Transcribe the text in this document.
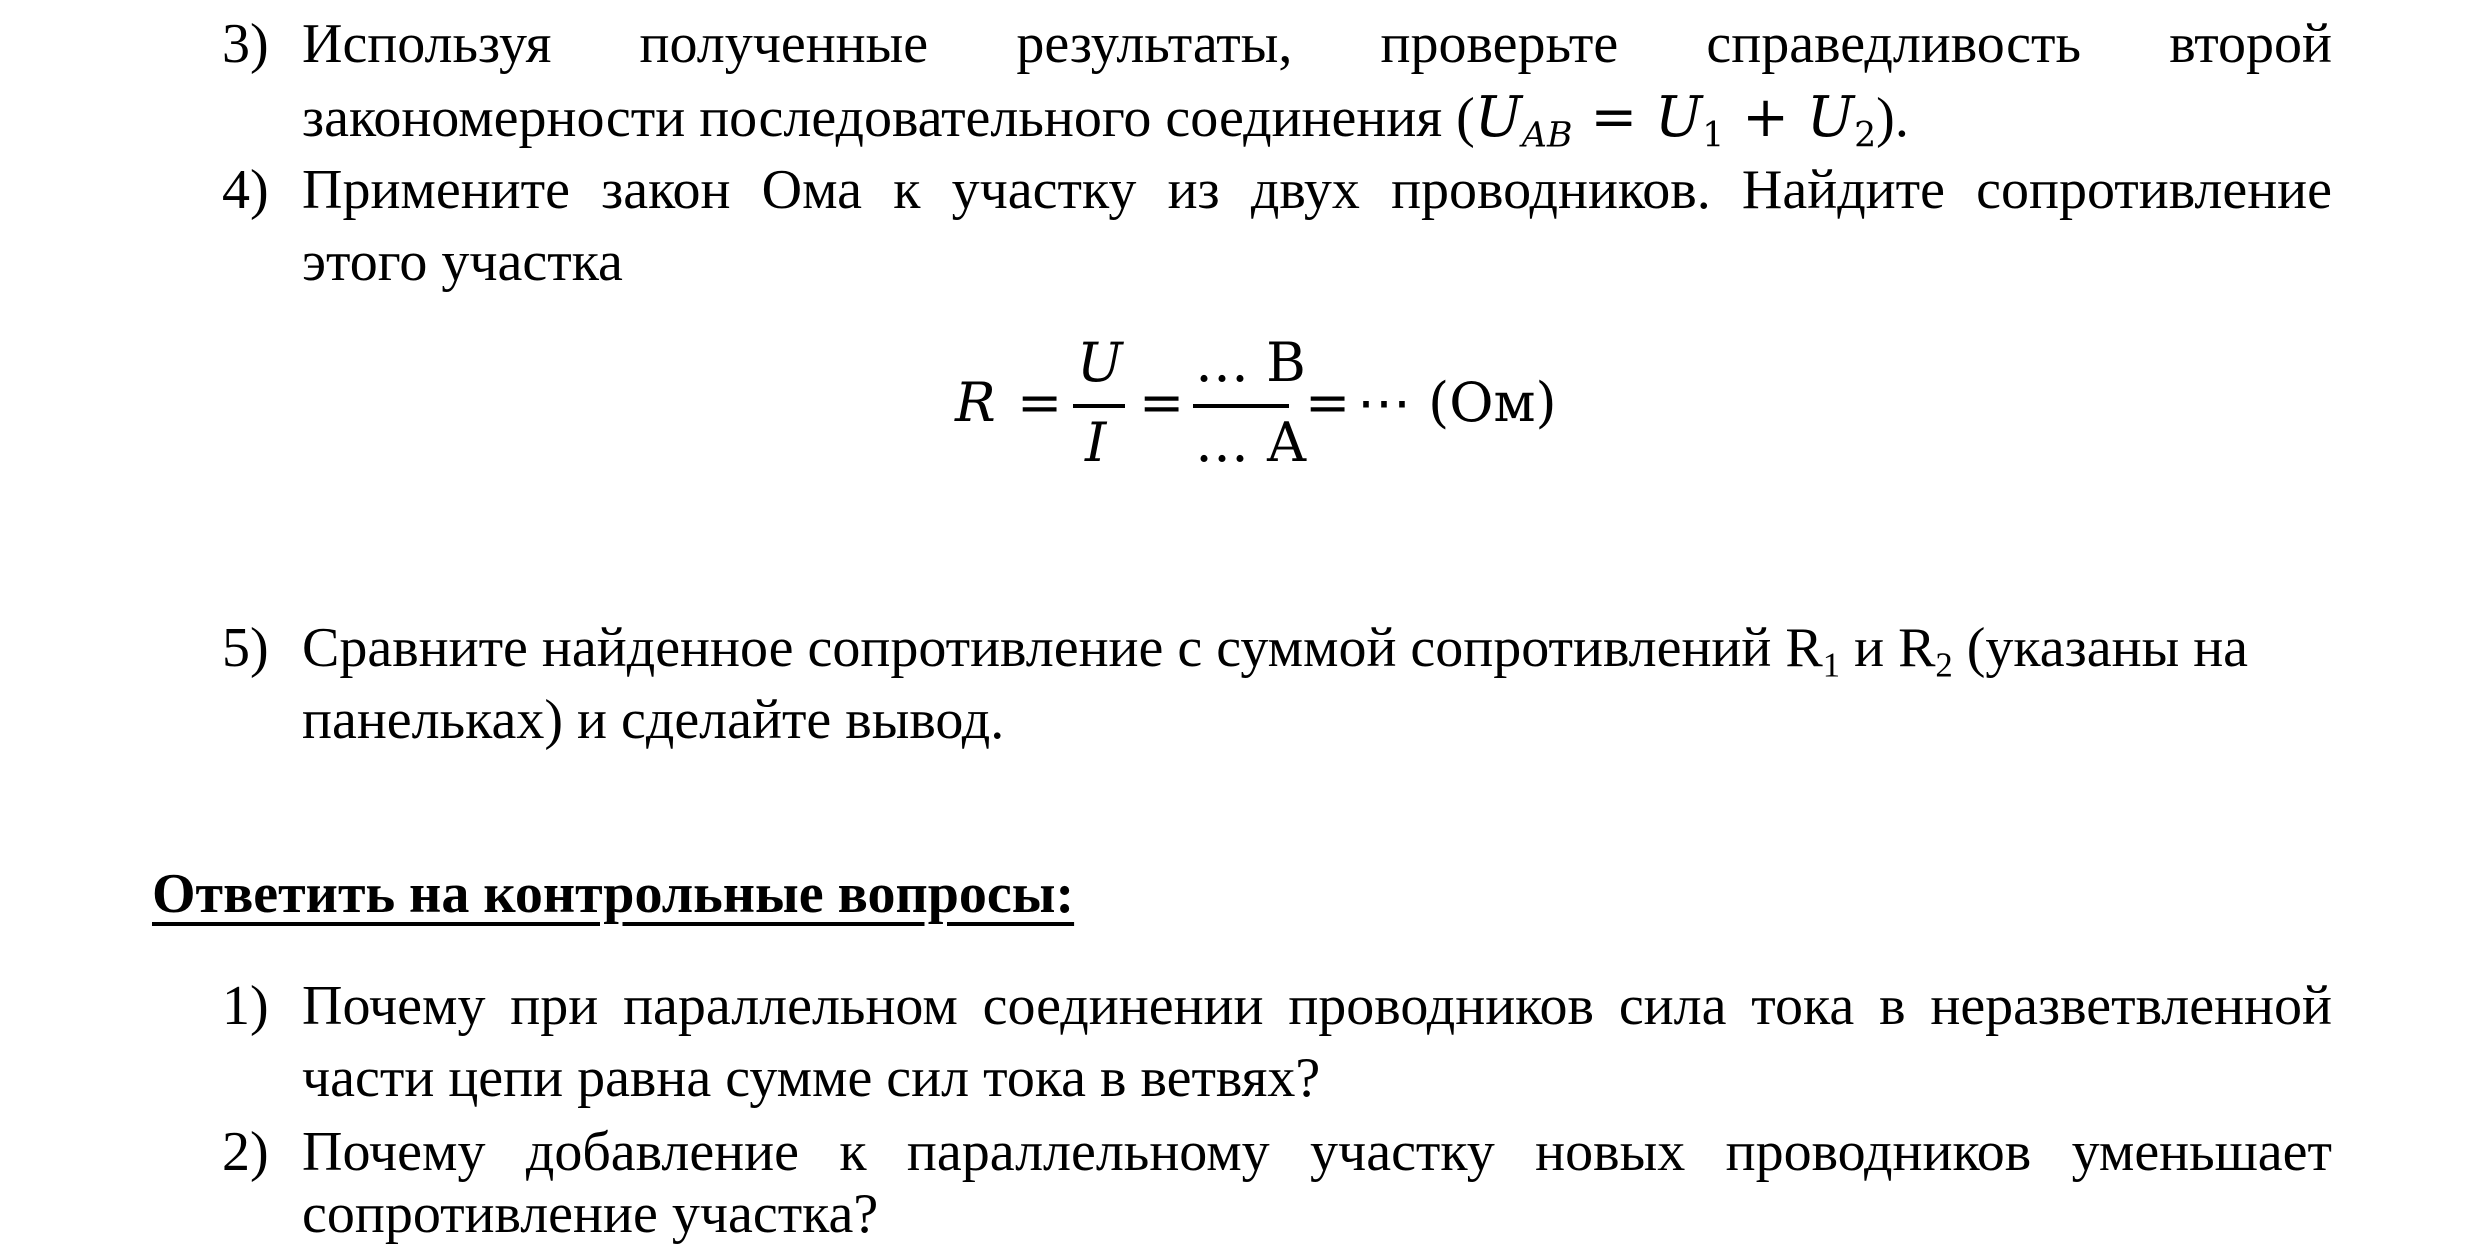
3) Используя полученные результаты, проверьте справедливость второй
закономерности последовательного соединения $(U_{AB} = U_1 + U_2)$.
4) Примените закон Ома к участку из двух проводников. Найдите сопротивление
этого участка
R =
U
I
=
… В
… А
= ⋯ (Ом)
5) Сравните найденное сопротивление с суммой сопротивлений $R_1$ и $R_2$ (указаны на
панельках) и сделайте вывод.
Ответить на контрольные вопросы:
1) Почему при параллельном соединении проводников сила тока в неразветвленной
части цепи равна сумме сил тока в ветвях?
2) Почему добавление к параллельному участку новых проводников уменьшает
сопротивление участка?
